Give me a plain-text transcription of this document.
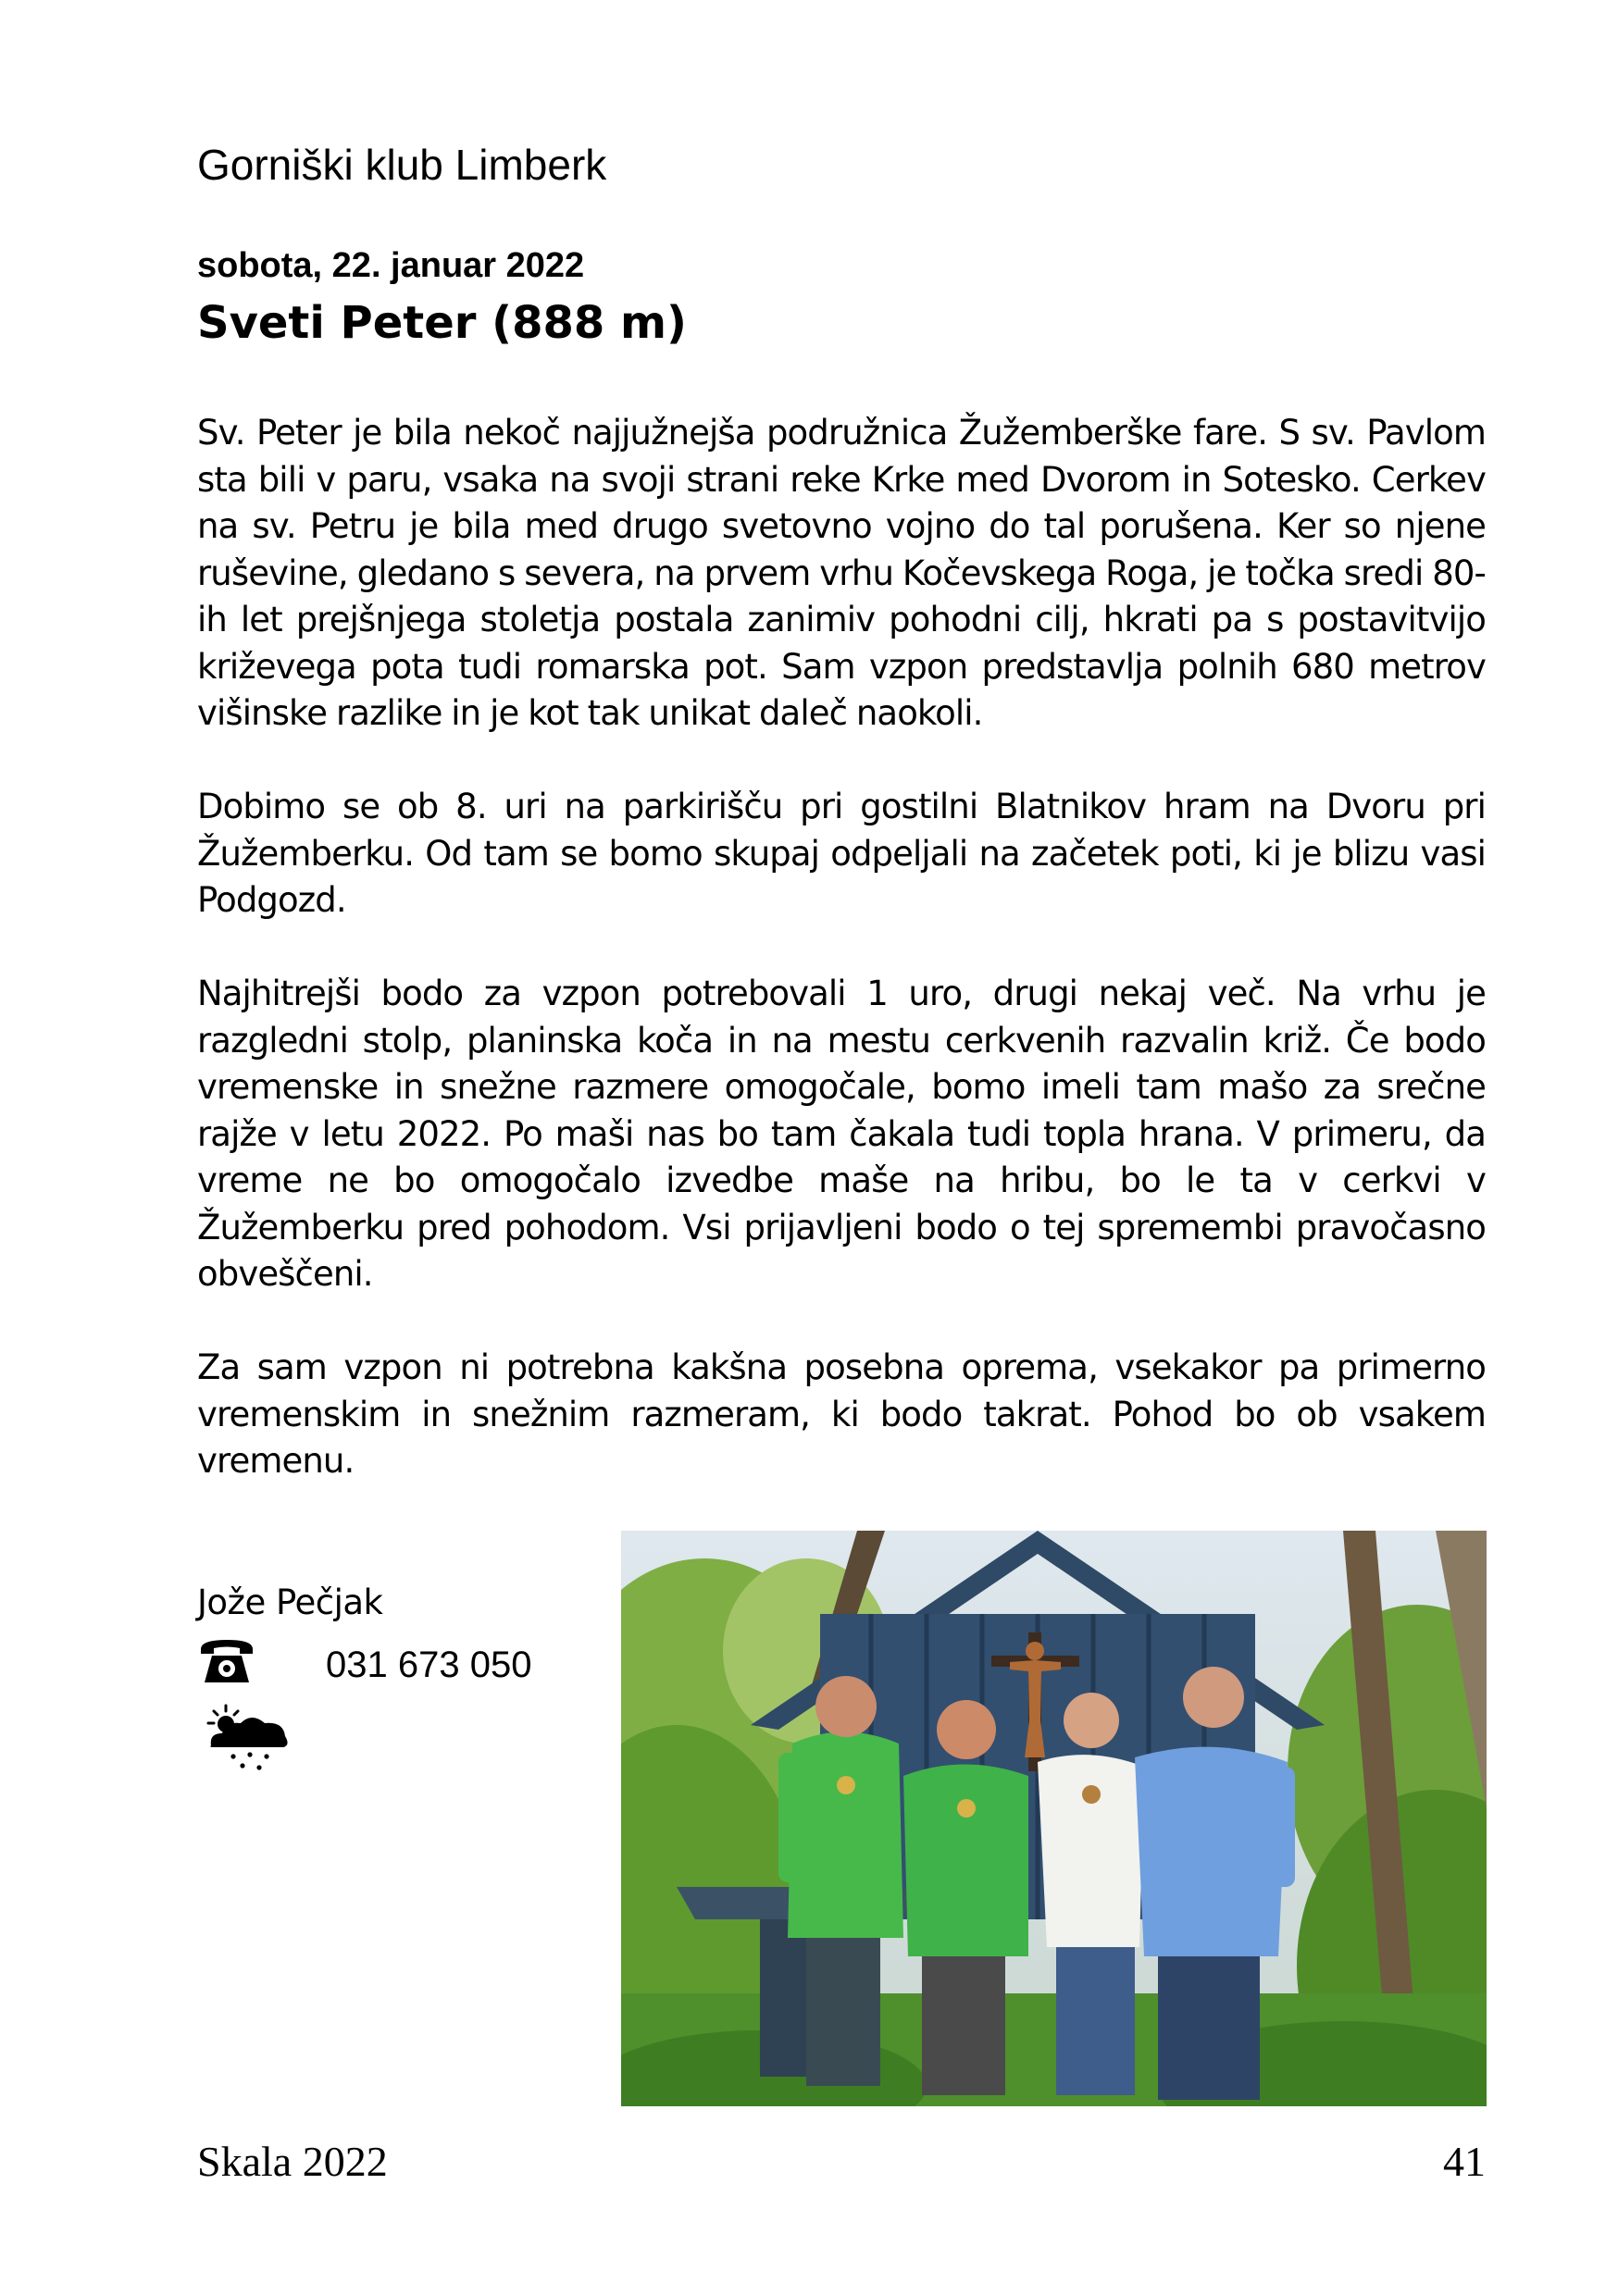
Gorniški klub Limberk
sobota, 22. januar 2022
Sveti Peter (888 m)

Sv. Peter je bila nekoč najjužnejša podružnica Žužemberške fare. S sv. Pavlom sta bili v paru, vsaka na svoji strani reke Krke med Dvorom in Sotesko. Cerkev na sv. Petru je bila med drugo svetovno vojno do tal porušena. Ker so njene ruševine, gledano s severa, na prvem vrhu Kočevskega Roga, je točka sredi 80-ih let prejšnjega stoletja postala zanimiv pohodni cilj, hkrati pa s postavitvijo križevega pota tudi romarska pot. Sam vzpon predstavlja polnih 680 metrov višinske razlike in je kot tak unikat daleč naokoli.

Dobimo se ob 8. uri na parkirišču pri gostilni Blatnikov hram na Dvoru pri Žužemberku. Od tam se bomo skupaj odpeljali na začetek poti, ki je blizu vasi Podgozd.

Najhitrejši bodo za vzpon potrebovali 1 uro, drugi nekaj več. Na vrhu je razgledni stolp, planinska koča in na mestu cerkvenih razvalin križ. Če bodo vremenske in snežne razmere omogočale, bomo imeli tam mašo za srečne rajže v letu 2022. Po maši nas bo tam čakala tudi topla hrana. V primeru, da vreme ne bo omogočalo izvedbe maše na hribu, bo le ta v cerkvi v Žužemberku pred pohodom. Vsi prijavljeni bodo o tej spremembi pravočasno obveščeni.

Za sam vzpon ni potrebna kakšna posebna oprema, vsekakor pa primerno vremenskim in snežnim razmeram, ki bodo takrat. Pohod bo ob vsakem vremenu.

Jože Pečjak
031 673 050
Skala 2022	41
